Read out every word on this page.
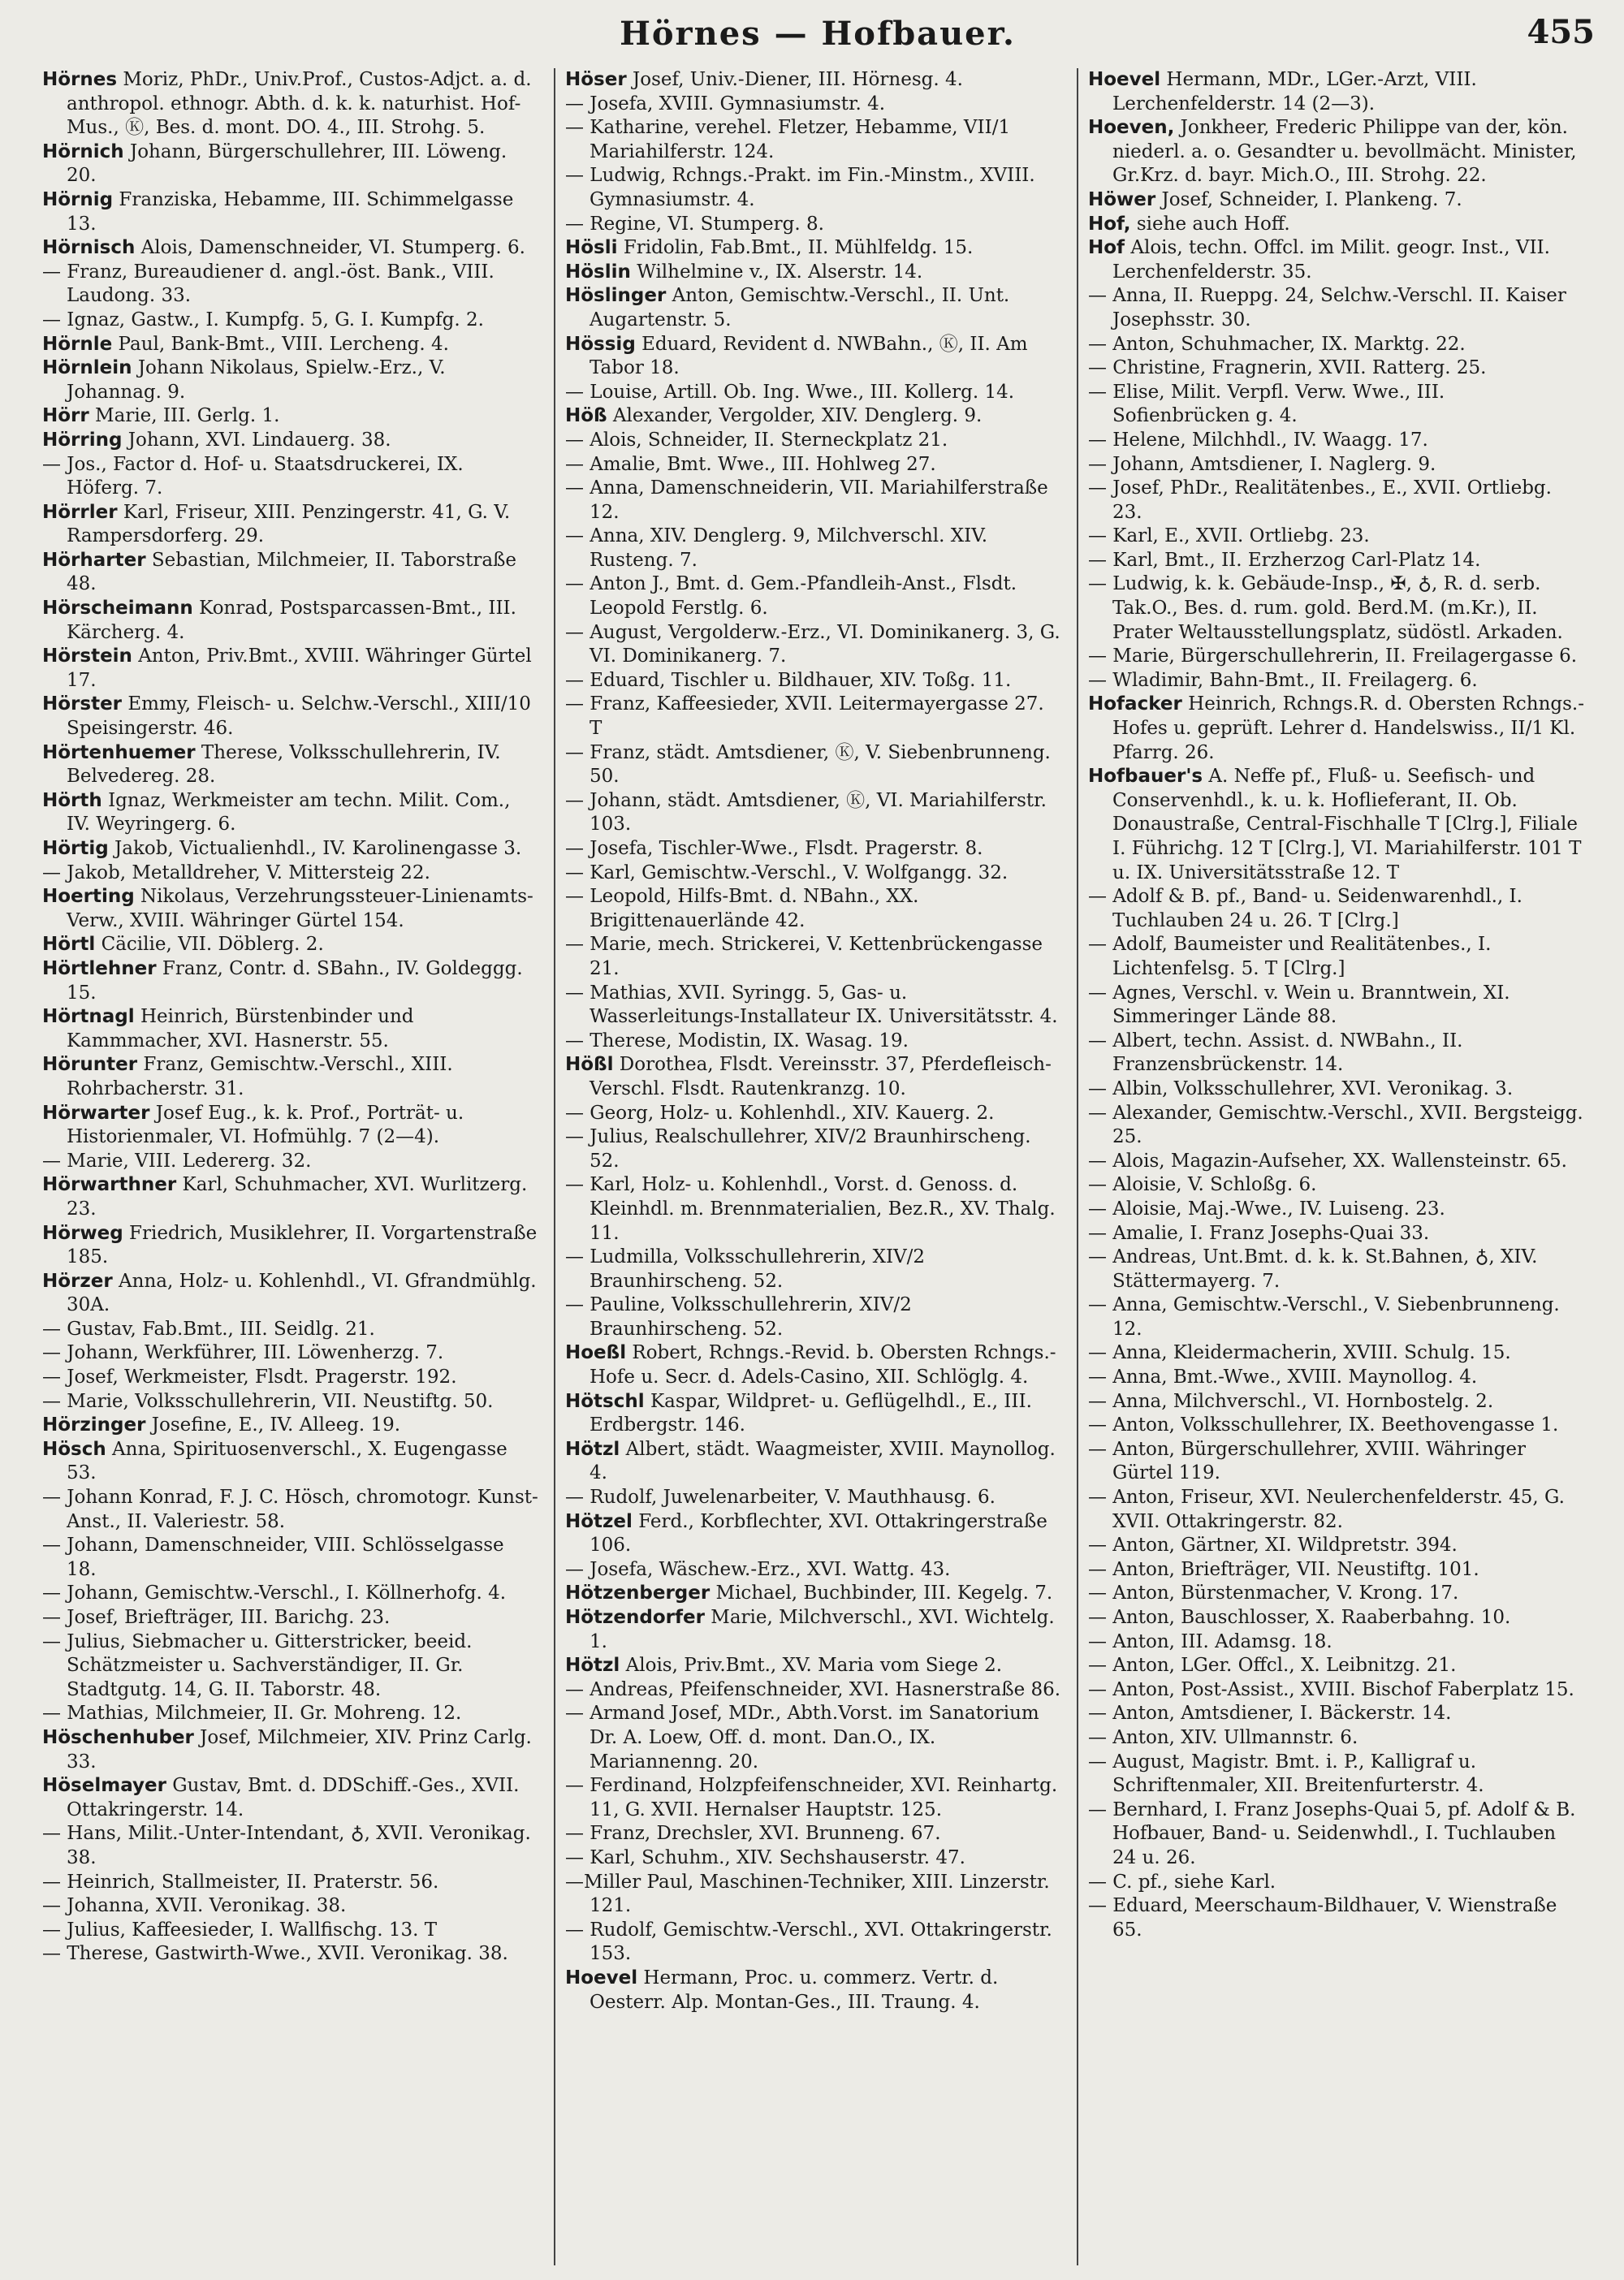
Hörnes — Hofbauer.	455

Hörnes Moriz, PhDr., Univ.Prof., Custos-Adjct. a. d. anthropol. ethnogr. Abth. d. k. k. naturhist. Hof-Mus., Ⓚ, Bes. d. mont. DO. 4., III. Strohg. 5.

Hörnich Johann, Bürgerschullehrer, III. Löweng. 20.

Hörnig Franziska, Hebamme, III. Schimmelgasse 13.

Hörnisch Alois, Damenschneider, VI. Stumperg. 6.

— Franz, Bureaudiener d. angl.-öst. Bank., VIII. Laudong. 33.

— Ignaz, Gastw., I. Kumpfg. 5, G. I. Kumpfg. 2.

Hörnle Paul, Bank-Bmt., VIII. Lercheng. 4.

Hörnlein Johann Nikolaus, Spielw.-Erz., V. Johannag. 9.

Hörr Marie, III. Gerlg. 1.

Hörring Johann, XVI. Lindauerg. 38.

— Jos., Factor d. Hof- u. Staatsdruckerei, IX. Höferg. 7.

Hörrler Karl, Friseur, XIII. Penzingerstr. 41, G. V. Rampersdorferg. 29.

Hörharter Sebastian, Milchmeier, II. Taborstraße 48.

Hörscheimann Konrad, Postsparcassen-Bmt., III. Kärcherg. 4.

Hörstein Anton, Priv.Bmt., XVIII. Währinger Gürtel 17.

Hörster Emmy, Fleisch- u. Selchw.-Verschl., XIII/10 Speisingerstr. 46.

Hörtenhuemer Therese, Volksschullehrerin, IV. Belvedereg. 28.

Hörth Ignaz, Werkmeister am techn. Milit. Com., IV. Weyringerg. 6.

Hörtig Jakob, Victualienhdl., IV. Karolinengasse 3.

— Jakob, Metalldreher, V. Mittersteig 22.

Hoerting Nikolaus, Verzehrungssteuer-Linienamts-Verw., XVIII. Währinger Gürtel 154.

Hörtl Cäcilie, VII. Döblerg. 2.

Hörtlehner Franz, Contr. d. SBahn., IV. Goldeggg. 15.

Hörtnagl Heinrich, Bürstenbinder und Kammmacher, XVI. Hasnerstr. 55.

Hörunter Franz, Gemischtw.-Verschl., XIII. Rohrbacherstr. 31.

Hörwarter Josef Eug., k. k. Prof., Porträt- u. Historienmaler, VI. Hofmühlg. 7 (2—4).

— Marie, VIII. Ledererg. 32.

Hörwarthner Karl, Schuhmacher, XVI. Wurlitzerg. 23.

Hörweg Friedrich, Musiklehrer, II. Vorgartenstraße 185.

Hörzer Anna, Holz- u. Kohlenhdl., VI. Gfrandmühlg. 30A.

— Gustav, Fab.Bmt., III. Seidlg. 21.

— Johann, Werkführer, III. Löwenherzg. 7.

— Josef, Werkmeister, Flsdt. Pragerstr. 192.

— Marie, Volksschullehrerin, VII. Neustiftg. 50.

Hörzinger Josefine, E., IV. Alleeg. 19.

Hösch Anna, Spirituosenverschl., X. Eugengasse 53.

— Johann Konrad, F. J. C. Hösch, chromotogr. Kunst-Anst., II. Valeriestr. 58.

— Johann, Damenschneider, VIII. Schlösselgasse 18.

— Johann, Gemischtw.-Verschl., I. Köllnerhofg. 4.

— Josef, Briefträger, III. Barichg. 23.

— Julius, Siebmacher u. Gitterstricker, beeid. Schätzmeister u. Sachverständiger, II. Gr. Stadtgutg. 14, G. II. Taborstr. 48.

— Mathias, Milchmeier, II. Gr. Mohreng. 12.

Höschenhuber Josef, Milchmeier, XIV. Prinz Carlg. 33.

Höselmayer Gustav, Bmt. d. DDSchiff.-Ges., XVII. Ottakringerstr. 14.

— Hans, Milit.-Unter-Intendant, ♁, XVII. Veronikag. 38.

— Heinrich, Stallmeister, II. Praterstr. 56.

— Johanna, XVII. Veronikag. 38.

— Julius, Kaffeesieder, I. Wallfischg. 13. T

— Therese, Gastwirth-Wwe., XVII. Veronikag. 38.

Höser Josef, Univ.-Diener, III. Hörnesg. 4.

— Josefa, XVIII. Gymnasiumstr. 4.

— Katharine, verehel. Fletzer, Hebamme, VII/1 Mariahilferstr. 124.

— Ludwig, Rchngs.-Prakt. im Fin.-Minstm., XVIII. Gymnasiumstr. 4.

— Regine, VI. Stumperg. 8.

Hösli Fridolin, Fab.Bmt., II. Mühlfeldg. 15.

Höslin Wilhelmine v., IX. Alserstr. 14.

Höslinger Anton, Gemischtw.-Verschl., II. Unt. Augartenstr. 5.

Hössig Eduard, Revident d. NWBahn., Ⓚ, II. Am Tabor 18.

— Louise, Artill. Ob. Ing. Wwe., III. Kollerg. 14.

Höß Alexander, Vergolder, XIV. Denglerg. 9.

— Alois, Schneider, II. Sterneckplatz 21.

— Amalie, Bmt. Wwe., III. Hohlweg 27.

— Anna, Damenschneiderin, VII. Mariahilferstraße 12.

— Anna, XIV. Denglerg. 9, Milchverschl. XIV. Rusteng. 7.

— Anton J., Bmt. d. Gem.-Pfandleih-Anst., Flsdt. Leopold Ferstlg. 6.

— August, Vergolderw.-Erz., VI. Dominikanerg. 3, G. VI. Dominikanerg. 7.

— Eduard, Tischler u. Bildhauer, XIV. Toßg. 11.

— Franz, Kaffeesieder, XVII. Leitermayergasse 27. T

— Franz, städt. Amtsdiener, Ⓚ, V. Siebenbrunneng. 50.

— Johann, städt. Amtsdiener, Ⓚ, VI. Mariahilferstr. 103.

— Josefa, Tischler-Wwe., Flsdt. Pragerstr. 8.

— Karl, Gemischtw.-Verschl., V. Wolfgangg. 32.

— Leopold, Hilfs-Bmt. d. NBahn., XX. Brigittenauerlände 42.

— Marie, mech. Strickerei, V. Kettenbrückengasse 21.

— Mathias, XVII. Syringg. 5, Gas- u. Wasserleitungs-Installateur IX. Universitätsstr. 4.

— Therese, Modistin, IX. Wasag. 19.

Hößl Dorothea, Flsdt. Vereinsstr. 37, Pferdefleisch-Verschl. Flsdt. Rautenkranzg. 10.

— Georg, Holz- u. Kohlenhdl., XIV. Kauerg. 2.

— Julius, Realschullehrer, XIV/2 Braunhirscheng. 52.

— Karl, Holz- u. Kohlenhdl., Vorst. d. Genoss. d. Kleinhdl. m. Brennmaterialien, Bez.R., XV. Thalg. 11.

— Ludmilla, Volksschullehrerin, XIV/2 Braunhirscheng. 52.

— Pauline, Volksschullehrerin, XIV/2 Braunhirscheng. 52.

Hoeßl Robert, Rchngs.-Revid. b. Obersten Rchngs.-Hofe u. Secr. d. Adels-Casino, XII. Schlöglg. 4.

Hötschl Kaspar, Wildpret- u. Geflügelhdl., E., III. Erdbergstr. 146.

Hötzl Albert, städt. Waagmeister, XVIII. Maynollog. 4.

— Rudolf, Juwelenarbeiter, V. Mauthhausg. 6.

Hötzel Ferd., Korbflechter, XVI. Ottakringerstraße 106.

— Josefa, Wäschew.-Erz., XVI. Wattg. 43.

Hötzenberger Michael, Buchbinder, III. Kegelg. 7.

Hötzendorfer Marie, Milchverschl., XVI. Wichtelg. 1.

Hötzl Alois, Priv.Bmt., XV. Maria vom Siege 2.

— Andreas, Pfeifenschneider, XVI. Hasnerstraße 86.

— Armand Josef, MDr., Abth.Vorst. im Sanatorium Dr. A. Loew, Off. d. mont. Dan.O., IX. Mariannenng. 20.

— Ferdinand, Holzpfeifenschneider, XVI. Reinhartg. 11, G. XVII. Hernalser Hauptstr. 125.

— Franz, Drechsler, XVI. Brunneng. 67.

— Karl, Schuhm., XIV. Sechshauserstr. 47.

—Miller Paul, Maschinen-Techniker, XIII. Linzerstr. 121.

— Rudolf, Gemischtw.-Verschl., XVI. Ottakringerstr. 153.

Hoevel Hermann, Proc. u. commerz. Vertr. d. Oesterr. Alp. Montan-Ges., III. Traung. 4.

Hoevel Hermann, MDr., LGer.-Arzt, VIII. Lerchenfelderstr. 14 (2—3).

Hoeven, Jonkheer, Frederic Philippe van der, kön. niederl. a. o. Gesandter u. bevollmächt. Minister, Gr.Krz. d. bayr. Mich.O., III. Strohg. 22.

Höwer Josef, Schneider, I. Plankeng. 7.

Hof, siehe auch Hoff.

Hof Alois, techn. Offcl. im Milit. geogr. Inst., VII. Lerchenfelderstr. 35.

— Anna, II. Rueppg. 24, Selchw.-Verschl. II. Kaiser Josephsstr. 30.

— Anton, Schuhmacher, IX. Marktg. 22.

— Christine, Fragnerin, XVII. Ratterg. 25.

— Elise, Milit. Verpfl. Verw. Wwe., III. Sofienbrücken g. 4.

— Helene, Milchhdl., IV. Waagg. 17.

— Johann, Amtsdiener, I. Naglerg. 9.

— Josef, PhDr., Realitätenbes., E., XVII. Ortliebg. 23.

— Karl, E., XVII. Ortliebg. 23.

— Karl, Bmt., II. Erzherzog Carl-Platz 14.

— Ludwig, k. k. Gebäude-Insp., ✠, ♁, R. d. serb. Tak.O., Bes. d. rum. gold. Berd.M. (m.Kr.), II. Prater Weltausstellungsplatz, südöstl. Arkaden.

— Marie, Bürgerschullehrerin, II. Freilagergasse 6.

— Wladimir, Bahn-Bmt., II. Freilagerg. 6.

Hofacker Heinrich, Rchngs.R. d. Obersten Rchngs.-Hofes u. geprüft. Lehrer d. Handelswiss., II/1 Kl. Pfarrg. 26.

Hofbauer's A. Neffe pf., Fluß- u. Seefisch- und Conservenhdl., k. u. k. Hoflieferant, II. Ob. Donaustraße, Central-Fischhalle T [Clrg.], Filiale I. Führichg. 12 T [Clrg.], VI. Mariahilferstr. 101 T u. IX. Universitätsstraße 12. T

— Adolf & B. pf., Band- u. Seidenwarenhdl., I. Tuchlauben 24 u. 26. T [Clrg.]

— Adolf, Baumeister und Realitätenbes., I. Lichtenfelsg. 5. T [Clrg.]

— Agnes, Verschl. v. Wein u. Branntwein, XI. Simmeringer Lände 88.

— Albert, techn. Assist. d. NWBahn., II. Franzensbrückenstr. 14.

— Albin, Volksschullehrer, XVI. Veronikag. 3.

— Alexander, Gemischtw.-Verschl., XVII. Bergsteigg. 25.

— Alois, Magazin-Aufseher, XX. Wallensteinstr. 65.

— Aloisie, V. Schloßg. 6.

— Aloisie, Maj.-Wwe., IV. Luiseng. 23.

— Amalie, I. Franz Josephs-Quai 33.

— Andreas, Unt.Bmt. d. k. k. St.Bahnen, ♁, XIV. Stättermayerg. 7.

— Anna, Gemischtw.-Verschl., V. Siebenbrunneng. 12.

— Anna, Kleidermacherin, XVIII. Schulg. 15.

— Anna, Bmt.-Wwe., XVIII. Maynollog. 4.

— Anna, Milchverschl., VI. Hornbostelg. 2.

— Anton, Volksschullehrer, IX. Beethovengasse 1.

— Anton, Bürgerschullehrer, XVIII. Währinger Gürtel 119.

— Anton, Friseur, XVI. Neulerchenfelderstr. 45, G. XVII. Ottakringerstr. 82.

— Anton, Gärtner, XI. Wildpretstr. 394.

— Anton, Briefträger, VII. Neustiftg. 101.

— Anton, Bürstenmacher, V. Krong. 17.

— Anton, Bauschlosser, X. Raaberbahng. 10.

— Anton, III. Adamsg. 18.

— Anton, LGer. Offcl., X. Leibnitzg. 21.

— Anton, Post-Assist., XVIII. Bischof Faberplatz 15.

— Anton, Amtsdiener, I. Bäckerstr. 14.

— Anton, XIV. Ullmannstr. 6.

— August, Magistr. Bmt. i. P., Kalligraf u. Schriftenmaler, XII. Breitenfurterstr. 4.

— Bernhard, I. Franz Josephs-Quai 5, pf. Adolf & B. Hofbauer, Band- u. Seidenwhdl., I. Tuchlauben 24 u. 26.

— C. pf., siehe Karl.

— Eduard, Meerschaum-Bildhauer, V. Wienstraße 65.
